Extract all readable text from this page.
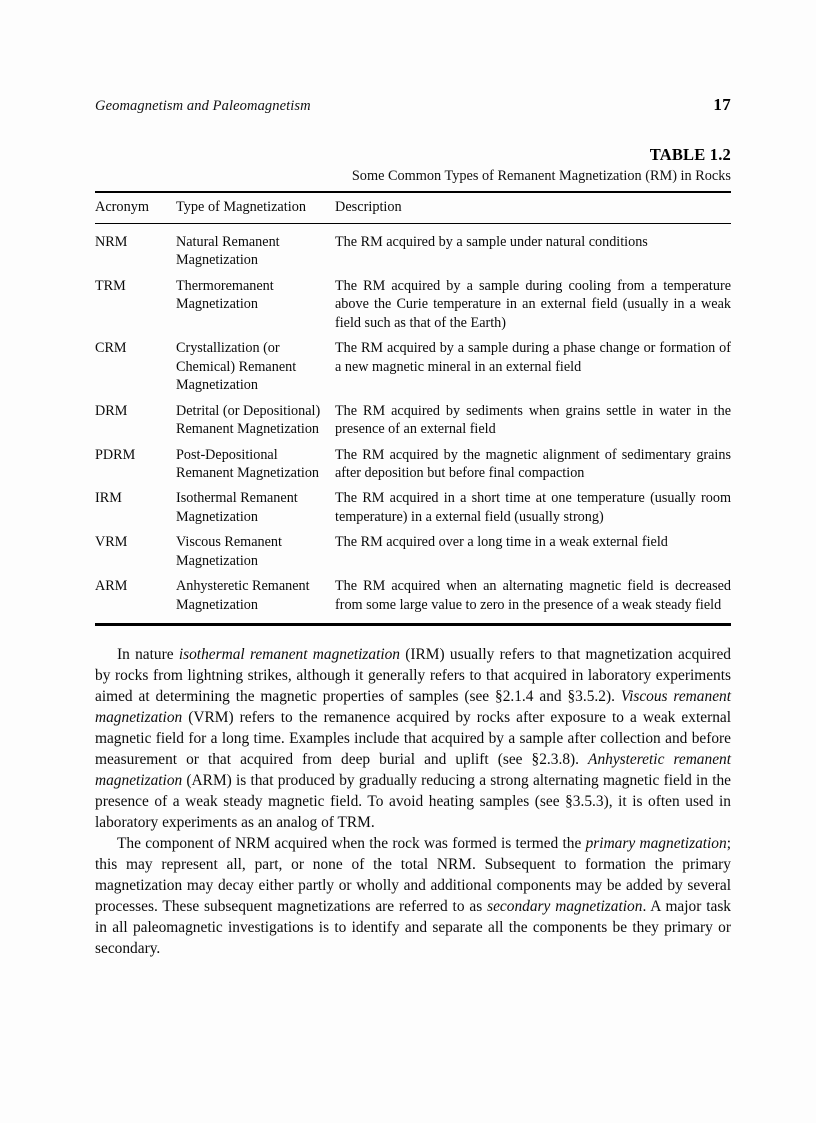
Geomagnetism and Paleomagnetism	17
TABLE 1.2
Some Common Types of Remanent Magnetization (RM) in Rocks
Acronym	Type of Magnetization	Description
NRM	Natural Remanent Magnetization	The RM acquired by a sample under natural conditions
TRM	Thermoremanent Magnetization	The RM acquired by a sample during cooling from a temperature above the Curie temperature in an external field (usually in a weak field such as that of the Earth)
CRM	Crystallization (or Chemical) Remanent Magnetization	The RM acquired by a sample during a phase change or formation of a new magnetic mineral in an external field
DRM	Detrital (or Depositional) Remanent Magnetization	The RM acquired by sediments when grains settle in water in the presence of an external field
PDRM	Post-Depositional Remanent Magnetization	The RM acquired by the magnetic alignment of sedimentary grains after deposition but before final compaction
IRM	Isothermal Remanent Magnetization	The RM acquired in a short time at one temperature (usually room temperature) in a external field (usually strong)
VRM	Viscous Remanent Magnetization	The RM acquired over a long time in a weak external field
ARM	Anhysteretic Remanent Magnetization	The RM acquired when an alternating magnetic field is decreased from some large value to zero in the presence of a weak steady field

In nature isothermal remanent magnetization (IRM) usually refers to that magnetization acquired by rocks from lightning strikes, although it generally refers to that acquired in laboratory experiments aimed at determining the magnetic properties of samples (see §2.1.4 and §3.5.2). Viscous remanent magnetization (VRM) refers to the remanence acquired by rocks after exposure to a weak external magnetic field for a long time. Examples include that acquired by a sample after collection and before measurement or that acquired from deep burial and uplift (see §2.3.8). Anhysteretic remanent magnetization (ARM) is that produced by gradually reducing a strong alternating magnetic field in the presence of a weak steady magnetic field. To avoid heating samples (see §3.5.3), it is often used in laboratory experiments as an analog of TRM.

The component of NRM acquired when the rock was formed is termed the primary magnetization; this may represent all, part, or none of the total NRM. Subsequent to formation the primary magnetization may decay either partly or wholly and additional components may be added by several processes. These subsequent magnetizations are referred to as secondary magnetization. A major task in all paleomagnetic investigations is to identify and separate all the components be they primary or secondary.
